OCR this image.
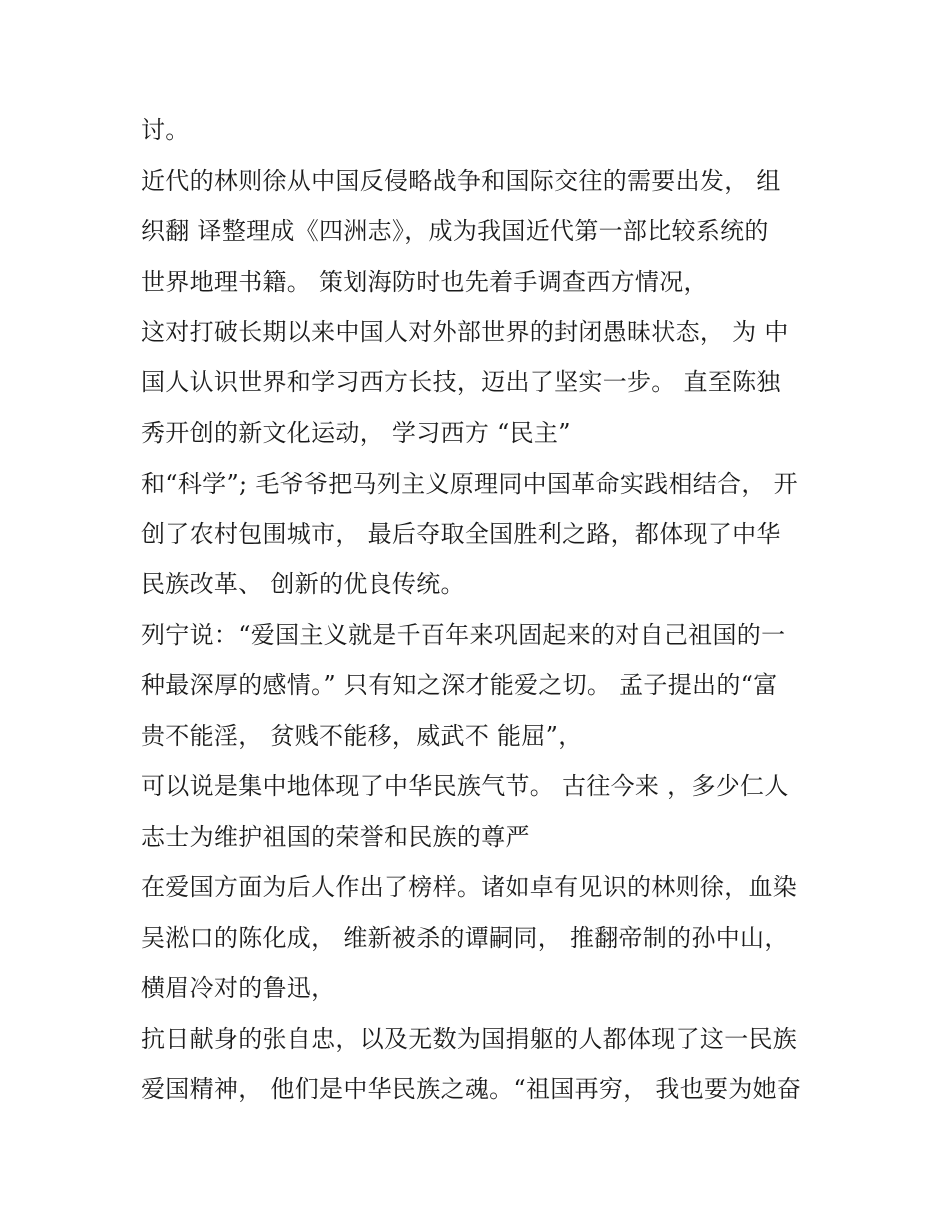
讨。

近代的林则徐从中国反侵略战争和国际交往的需要出发， 组

织翻 译整理成《四洲志》，成为我国近代第一部比较系统的

世界地理书籍。 策划海防时也先着手调查西方情况，

这对打破长期以来中国人对外部世界的封闭愚昧状态， 为 中

国人认识世界和学习西方长技，迈出了坚实一步。 直至陈独

秀开创的新文化运动， 学习西方 “民主”

和“科学”; 毛爷爷把马列主义原理同中国革命实践相结合， 开

创了农村包围城市， 最后夺取全国胜利之路，都体现了中华

民族改革、 创新的优良传统。

列宁说：“爱国主义就是千百年来巩固起来的对自己祖国的一

种最深厚的感情。” 只有知之深才能爱之切。 孟子提出的“富

贵不能淫， 贫贱不能移，威武不 能屈”，

可以说是集中地体现了中华民族气节。 古往今来 ，多少仁人

志士为维护祖国的荣誉和民族的尊严

在爱国方面为后人作出了榜样。诸如卓有见识的林则徐，血染

吴淞口的陈化成， 维新被杀的谭嗣同， 推翻帝制的孙中山，

横眉冷对的鲁迅，

抗日献身的张自忠，以及无数为国捐躯的人都体现了这一民族

爱国精神， 他们是中华民族之魂。“祖国再穷， 我也要为她奋
